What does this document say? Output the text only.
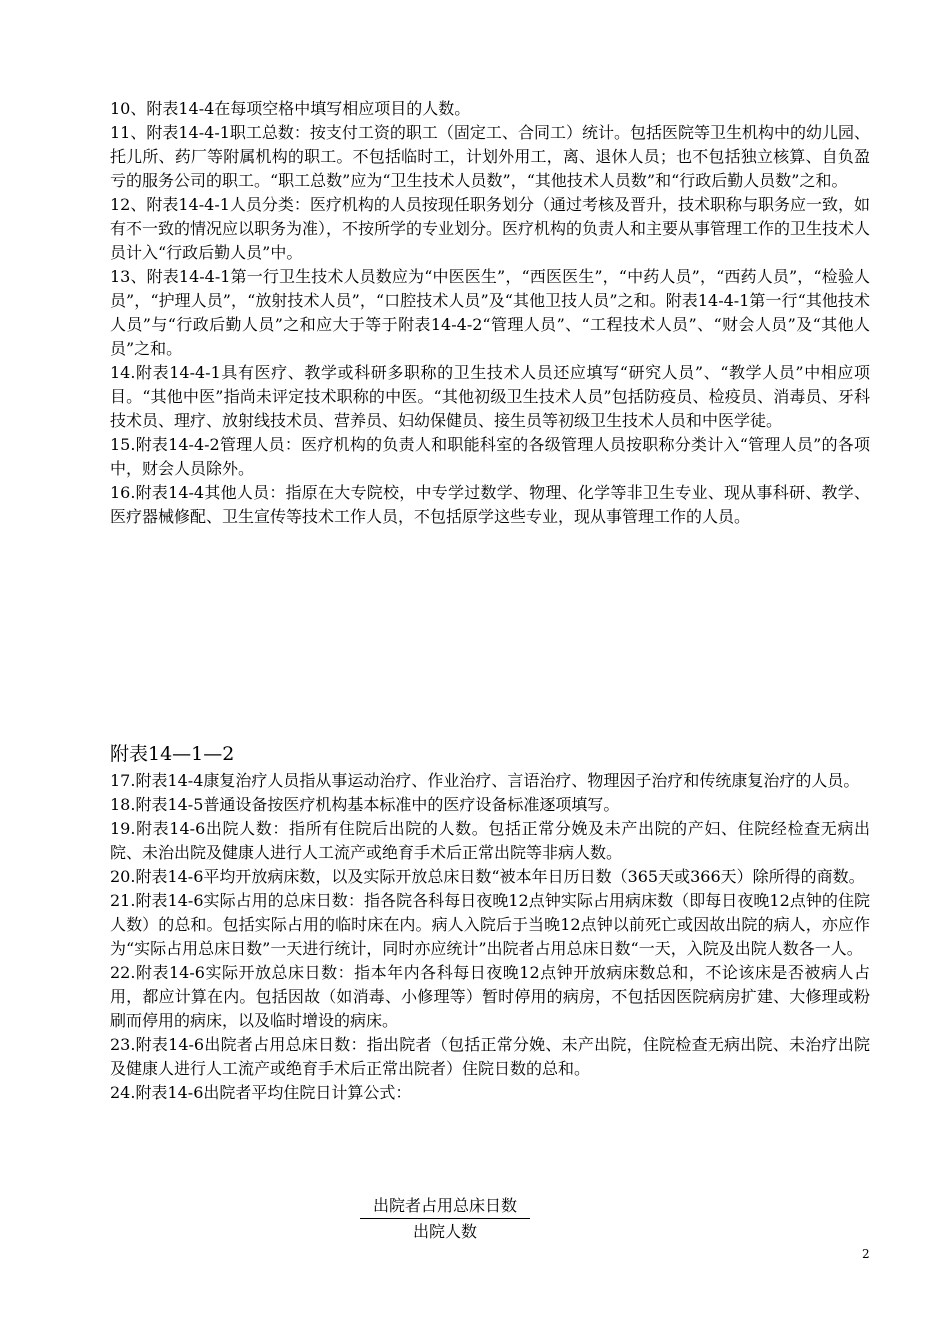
10、附表14-4在每项空格中填写相应项目的人数。

11、附表14-4-1职工总数：按支付工资的职工（固定工、合同工）统计。包括医院等卫生机构中的幼儿园、托儿所、药厂等附属机构的职工。不包括临时工，计划外用工，离、退休人员；也不包括独立核算、自负盈亏的服务公司的职工。“职工总数”应为“卫生技术人员数”，“其他技术人员数”和“行政后勤人员数”之和。

12、附表14-4-1人员分类：医疗机构的人员按现任职务划分（通过考核及晋升，技术职称与职务应一致，如有不一致的情况应以职务为准），不按所学的专业划分。医疗机构的负责人和主要从事管理工作的卫生技术人员计入“行政后勤人员”中。

13、附表14-4-1第一行卫生技术人员数应为“中医医生”，“西医医生”，“中药人员”，“西药人员”，“检验人员”，“护理人员”，“放射技术人员”，“口腔技术人员”及“其他卫技人员”之和。附表14-4-1第一行“其他技术人员”与“行政后勤人员”之和应大于等于附表14-4-2“管理人员”、“工程技术人员”、“财会人员”及“其他人员”之和。

14.附表14-4-1具有医疗、教学或科研多职称的卫生技术人员还应填写“研究人员”、“教学人员”中相应项目。“其他中医”指尚未评定技术职称的中医。“其他初级卫生技术人员”包括防疫员、检疫员、消毒员、牙科技术员、理疗、放射线技术员、营养员、妇幼保健员、接生员等初级卫生技术人员和中医学徒。

15.附表14-4-2管理人员：医疗机构的负责人和职能科室的各级管理人员按职称分类计入“管理人员”的各项中，财会人员除外。

16.附表14-4其他人员：指原在大专院校，中专学过数学、物理、化学等非卫生专业、现从事科研、教学、医疗器械修配、卫生宣传等技术工作人员，不包括原学这些专业，现从事管理工作的人员。

附表14—1—2

17.附表14-4康复治疗人员指从事运动治疗、作业治疗、言语治疗、物理因子治疗和传统康复治疗的人员。

18.附表14-5普通设备按医疗机构基本标准中的医疗设备标准逐项填写。

19.附表14-6出院人数：指所有住院后出院的人数。包括正常分娩及未产出院的产妇、住院经检查无病出院、未治出院及健康人进行人工流产或绝育手术后正常出院等非病人数。

20.附表14-6平均开放病床数，以及实际开放总床日数“被本年日历日数（365天或366天）除所得的商数。

21.附表14-6实际占用的总床日数：指各院各科每日夜晚12点钟实际占用病床数（即每日夜晚12点钟的住院人数）的总和。包括实际占用的临时床在内。病人入院后于当晚12点钟以前死亡或因故出院的病人，亦应作为“实际占用总床日数”一天进行统计，同时亦应统计”出院者占用总床日数“一天，入院及出院人数各一人。

22.附表14-6实际开放总床日数：指本年内各科每日夜晚12点钟开放病床数总和，不论该床是否被病人占用，都应计算在内。包括因故（如消毒、小修理等）暂时停用的病房，不包括因医院病房扩建、大修理或粉刷而停用的病床，以及临时增设的病床。

23.附表14-6出院者占用总床日数：指出院者（包括正常分娩、未产出院，住院检查无病出院、未治疗出院及健康人进行人工流产或绝育手术后正常出院者）住院日数的总和。

24.附表14-6出院者平均住院日计算公式：

出院者占用总床日数
出院人数
2
